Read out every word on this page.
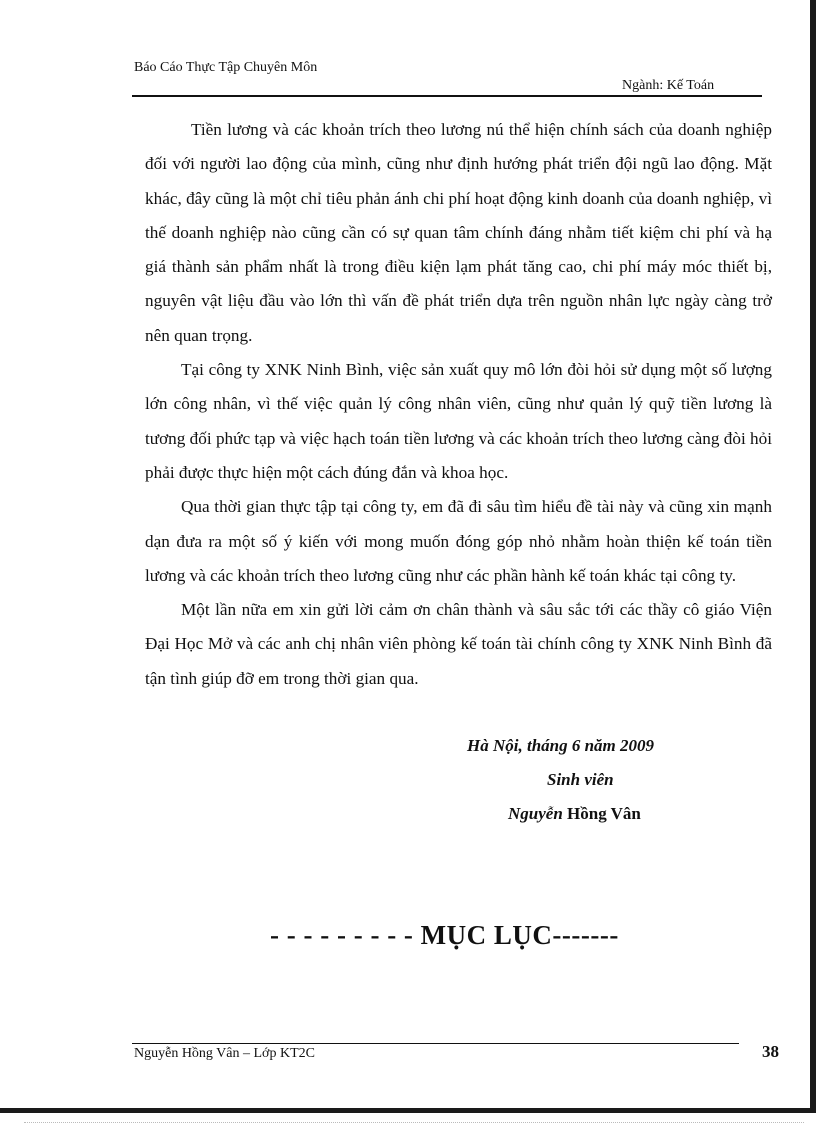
Báo Cáo Thực Tập Chuyên Môn
Ngành: Kế Toán

Tiền lương và các khoản trích theo lương nú thể hiện chính sách của doanh nghiệp đối với người lao động của mình, cũng như định hướng phát triển đội ngũ lao động. Mặt khác, đây cũng là một chỉ tiêu phản ánh chi phí hoạt động kinh doanh của doanh nghiệp, vì thế doanh nghiệp nào cũng cần có sự quan tâm chính đáng nhằm tiết kiệm chi phí và hạ giá thành sản phẩm nhất là trong điều kiện lạm phát tăng cao, chi phí máy móc thiết bị, nguyên vật liệu đầu vào lớn thì vấn đề phát triển dựa trên nguồn nhân lực ngày càng trở nên quan trọng.

Tại công ty XNK Ninh Bình, việc sản xuất quy mô lớn đòi hỏi sử dụng một số lượng lớn công nhân, vì thế việc quản lý công nhân viên, cũng như quản lý quỹ tiền lương là tương đối phức tạp và việc hạch toán tiền lương và các khoản trích theo lương càng đòi hỏi phải được thực hiện một cách đúng đắn và khoa học.

Qua thời gian thực tập tại công ty, em đã đi sâu tìm hiểu đề tài này và cũng xin mạnh dạn đưa ra một số ý kiến với mong muốn đóng góp nhỏ nhằm hoàn thiện kế toán tiền lương và các khoản trích theo lương cũng như các phần hành kế toán khác tại công ty.

Một lần nữa em xin gửi lời cảm ơn chân thành và sâu sắc tới các thầy cô giáo Viện Đại Học Mở và các anh chị nhân viên phòng kế toán tài chính công ty XNK Ninh Bình đã tận tình giúp đỡ em trong thời gian qua.

Hà Nội, tháng 6 năm 2009
Sinh viên
Nguyễn Hồng Vân
- - - - - - - - - MỤC LỤC-------
Nguyễn Hồng Vân – Lớp KT2C	38
